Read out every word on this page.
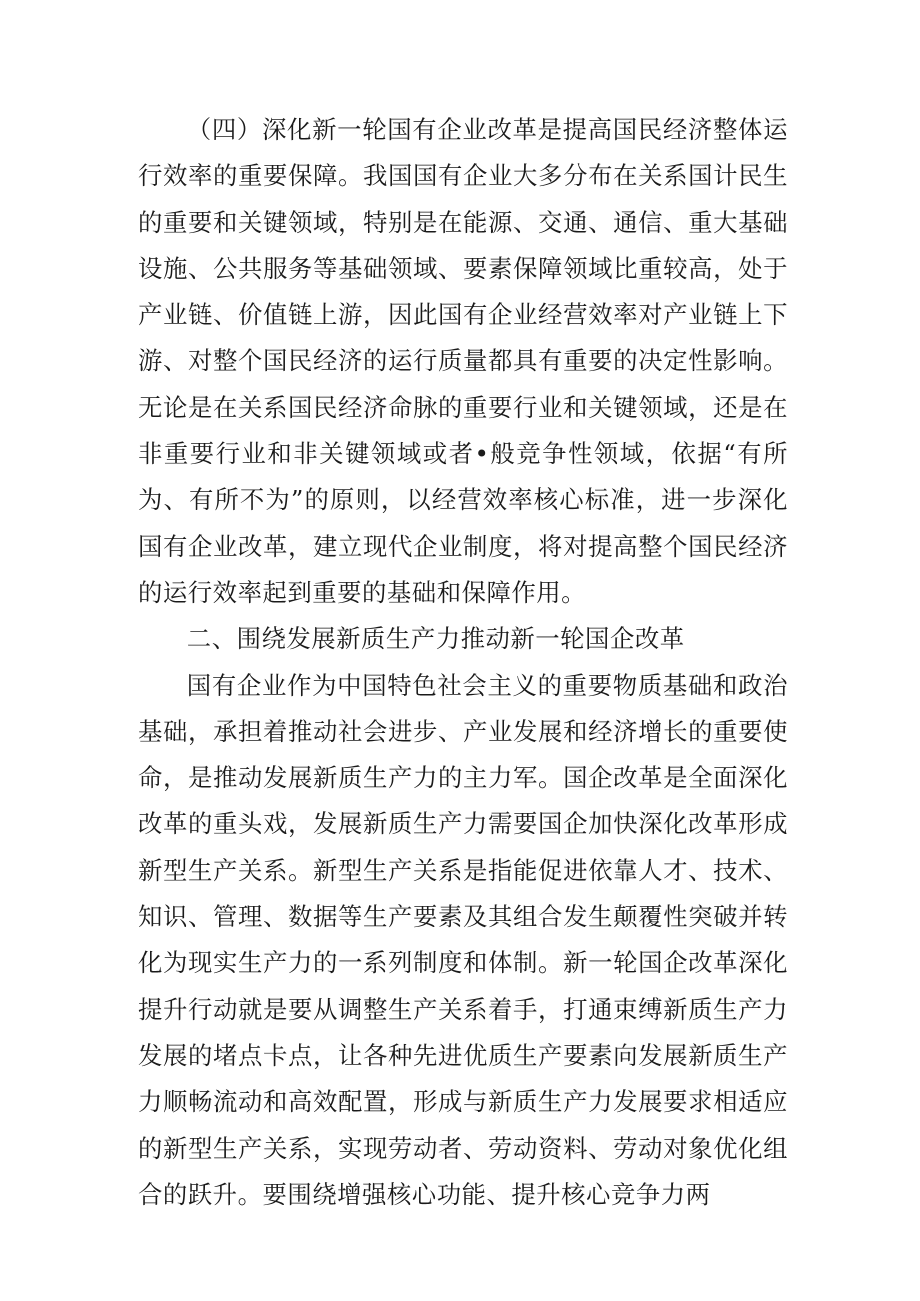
（四）深化新一轮国有企业改革是提高国民经济整体运行效率的重要保障。我国国有企业大多分布在关系国计民生的重要和关键领域，特别是在能源、交通、通信、重大基础设施、公共服务等基础领域、要素保障领域比重较高，处于产业链、价值链上游，因此国有企业经营效率对产业链上下游、对整个国民经济的运行质量都具有重要的决定性影响。无论是在关系国民经济命脉的重要行业和关键领域，还是在非重要行业和非关键领域或者•般竞争性领域，依据“有所为、有所不为”的原则，以经营效率核心标准，进一步深化国有企业改革，建立现代企业制度，将对提高整个国民经济的运行效率起到重要的基础和保障作用。

二、围绕发展新质生产力推动新一轮国企改革

国有企业作为中国特色社会主义的重要物质基础和政治基础，承担着推动社会进步、产业发展和经济增长的重要使命，是推动发展新质生产力的主力军。国企改革是全面深化改革的重头戏，发展新质生产力需要国企加快深化改革形成新型生产关系。新型生产关系是指能促进依靠人才、技术、知识、管理、数据等生产要素及其组合发生颠覆性突破并转化为现实生产力的一系列制度和体制。新一轮国企改革深化提升行动就是要从调整生产关系着手，打通束缚新质生产力发展的堵点卡点，让各种先进优质生产要素向发展新质生产力顺畅流动和高效配置，形成与新质生产力发展要求相适应的新型生产关系，实现劳动者、劳动资料、劳动对象优化组合的跃升。要围绕增强核心功能、提升核心竞争力两
